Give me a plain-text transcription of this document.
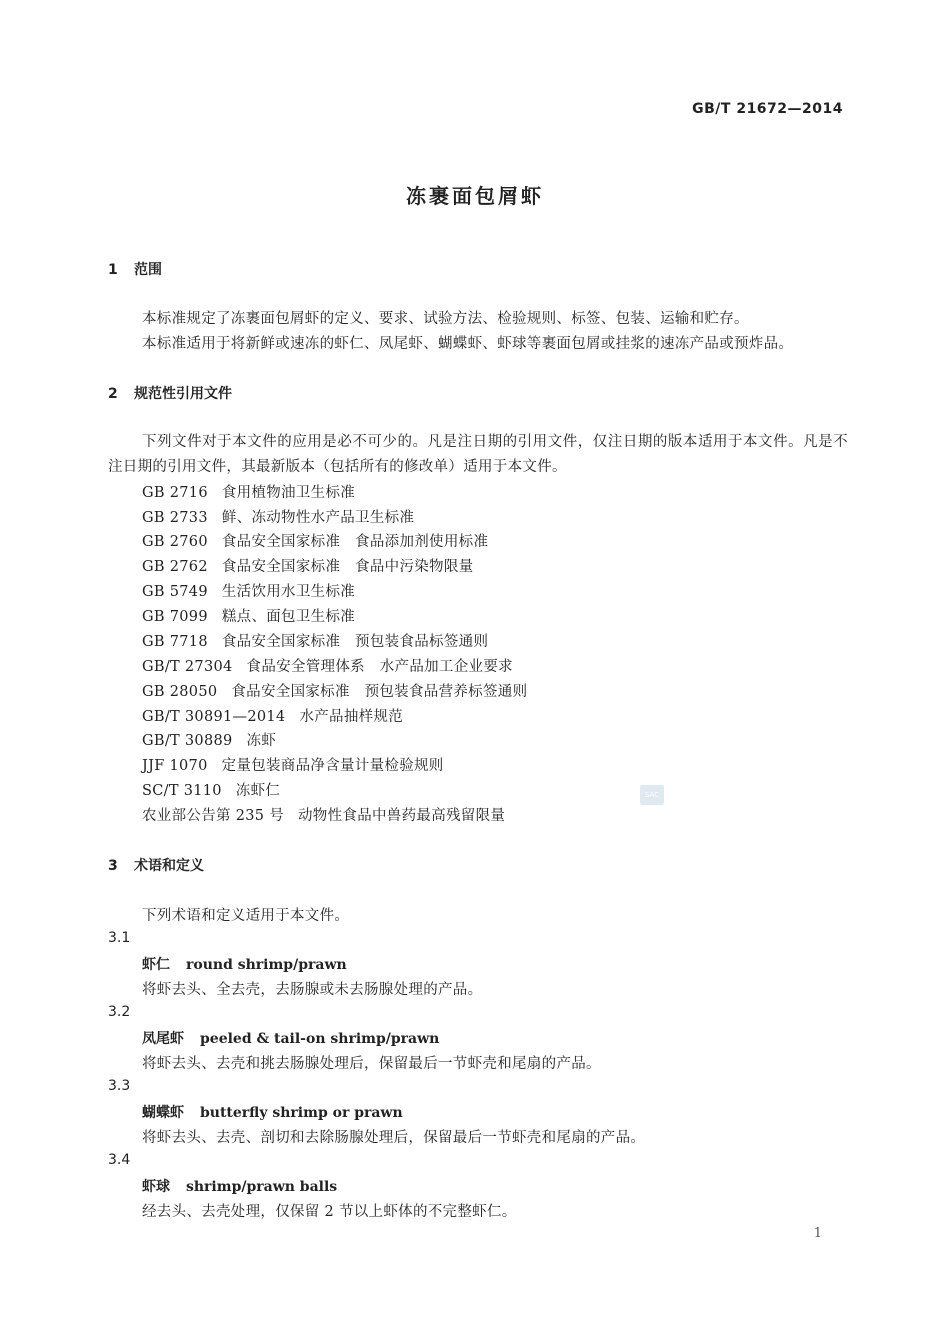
GB/T 21672—2014
冻裹面包屑虾
1 范围
本标准规定了冻裹面包屑虾的定义、要求、试验方法、检验规则、标签、包装、运输和贮存。
本标准适用于将新鲜或速冻的虾仁、凤尾虾、蝴蝶虾、虾球等裹面包屑或挂浆的速冻产品或预炸品。
2 规范性引用文件
下列文件对于本文件的应用是必不可少的。凡是注日期的引用文件，仅注日期的版本适用于本文件。凡是不注日期的引用文件，其最新版本（包括所有的修改单）适用于本文件。
GB 2716 食用植物油卫生标准
GB 2733 鲜、冻动物性水产品卫生标准
GB 2760 食品安全国家标准　食品添加剂使用标准
GB 2762 食品安全国家标准　食品中污染物限量
GB 5749 生活饮用水卫生标准
GB 7099 糕点、面包卫生标准
GB 7718 食品安全国家标准　预包装食品标签通则
GB/T 27304 食品安全管理体系　水产品加工企业要求
GB 28050 食品安全国家标准　预包装食品营养标签通则
GB/T 30891—2014 水产品抽样规范
GB/T 30889 冻虾
JJF 1070 定量包装商品净含量计量检验规则
SC/T 3110 冻虾仁
农业部公告第 235 号 动物性食品中兽药最高残留限量
SAC
3 术语和定义
下列术语和定义适用于本文件。
3.1
虾仁 round shrimp/prawn
将虾去头、全去壳，去肠腺或未去肠腺处理的产品。
3.2
凤尾虾 peeled & tail-on shrimp/prawn
将虾去头、去壳和挑去肠腺处理后，保留最后一节虾壳和尾扇的产品。
3.3
蝴蝶虾 butterfly shrimp or prawn
将虾去头、去壳、剖切和去除肠腺处理后，保留最后一节虾壳和尾扇的产品。
3.4
虾球 shrimp/prawn balls
经去头、去壳处理，仅保留 2 节以上虾体的不完整虾仁。
1
